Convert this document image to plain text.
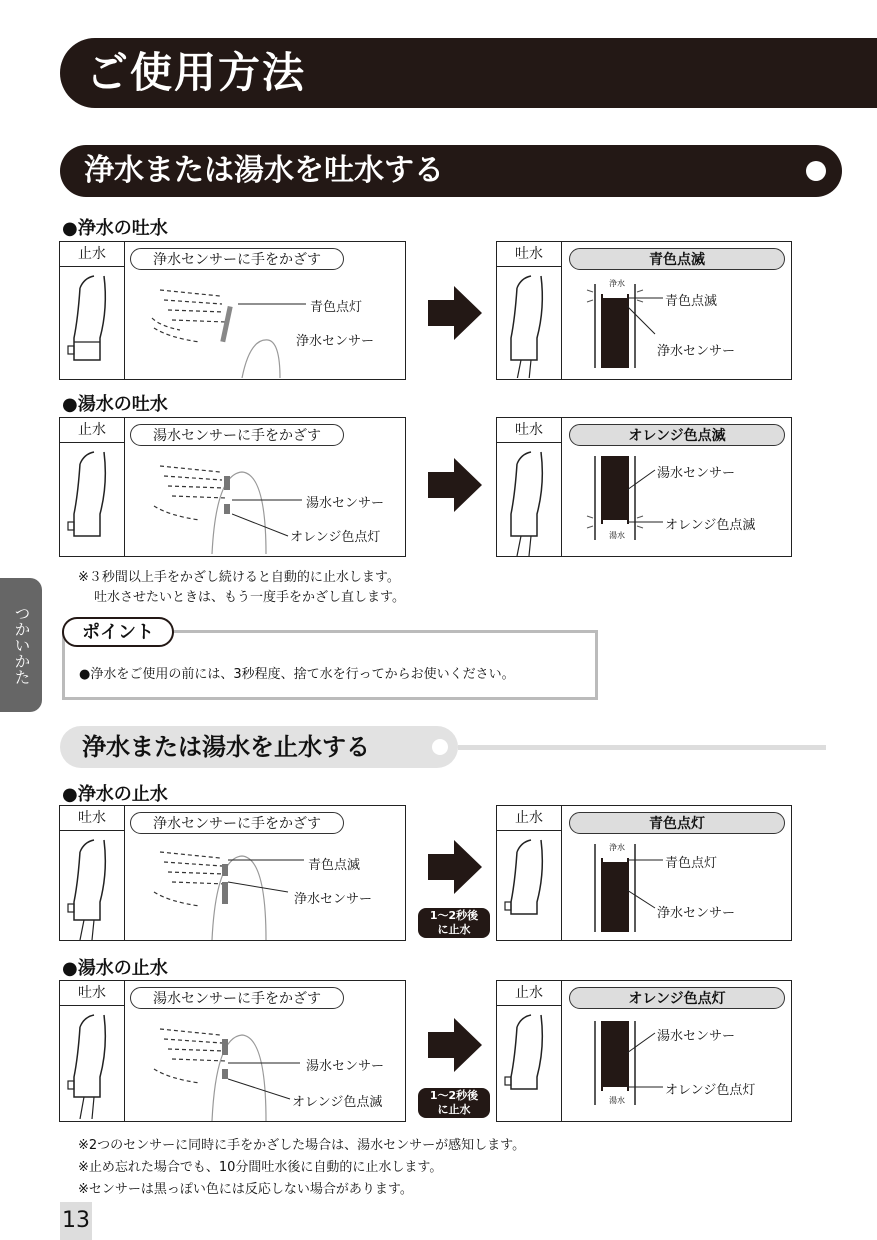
ご使用方法
浄水または湯水を吐水する
●浄水の吐水
止水	浄水センサーに手をかざす
青色点灯
浄水センサー
吐水	青色点滅
浄水
青色点滅
浄水センサー
●湯水の吐水
止水	湯水センサーに手をかざす
湯水センサー
オレンジ色点灯
吐水	オレンジ色点滅
湯水
湯水センサー
オレンジ色点滅
※３秒間以上手をかざし続けると自動的に止水します。
吐水させたいときは、もう一度手をかざし直します。
つかいかた	●浄水をご使用の前には、3秒程度、捨て水を行ってからお使いください。
ポイント
浄水または湯水を止水する
●浄水の止水
吐水	浄水センサーに手をかざす
青色点滅
浄水センサー
1～2秒後
に止水
止水	青色点灯
浄水
青色点灯
浄水センサー
●湯水の止水
吐水	湯水センサーに手をかざす
湯水センサー
オレンジ色点滅	1～2秒後
に止水
止水	オレンジ色点灯
湯水
湯水センサー
オレンジ色点灯
※2つのセンサーに同時に手をかざした場合は、湯水センサーが感知します。
※止め忘れた場合でも、10分間吐水後に自動的に止水します。
※センサーは黒っぽい色には反応しない場合があります。
13
